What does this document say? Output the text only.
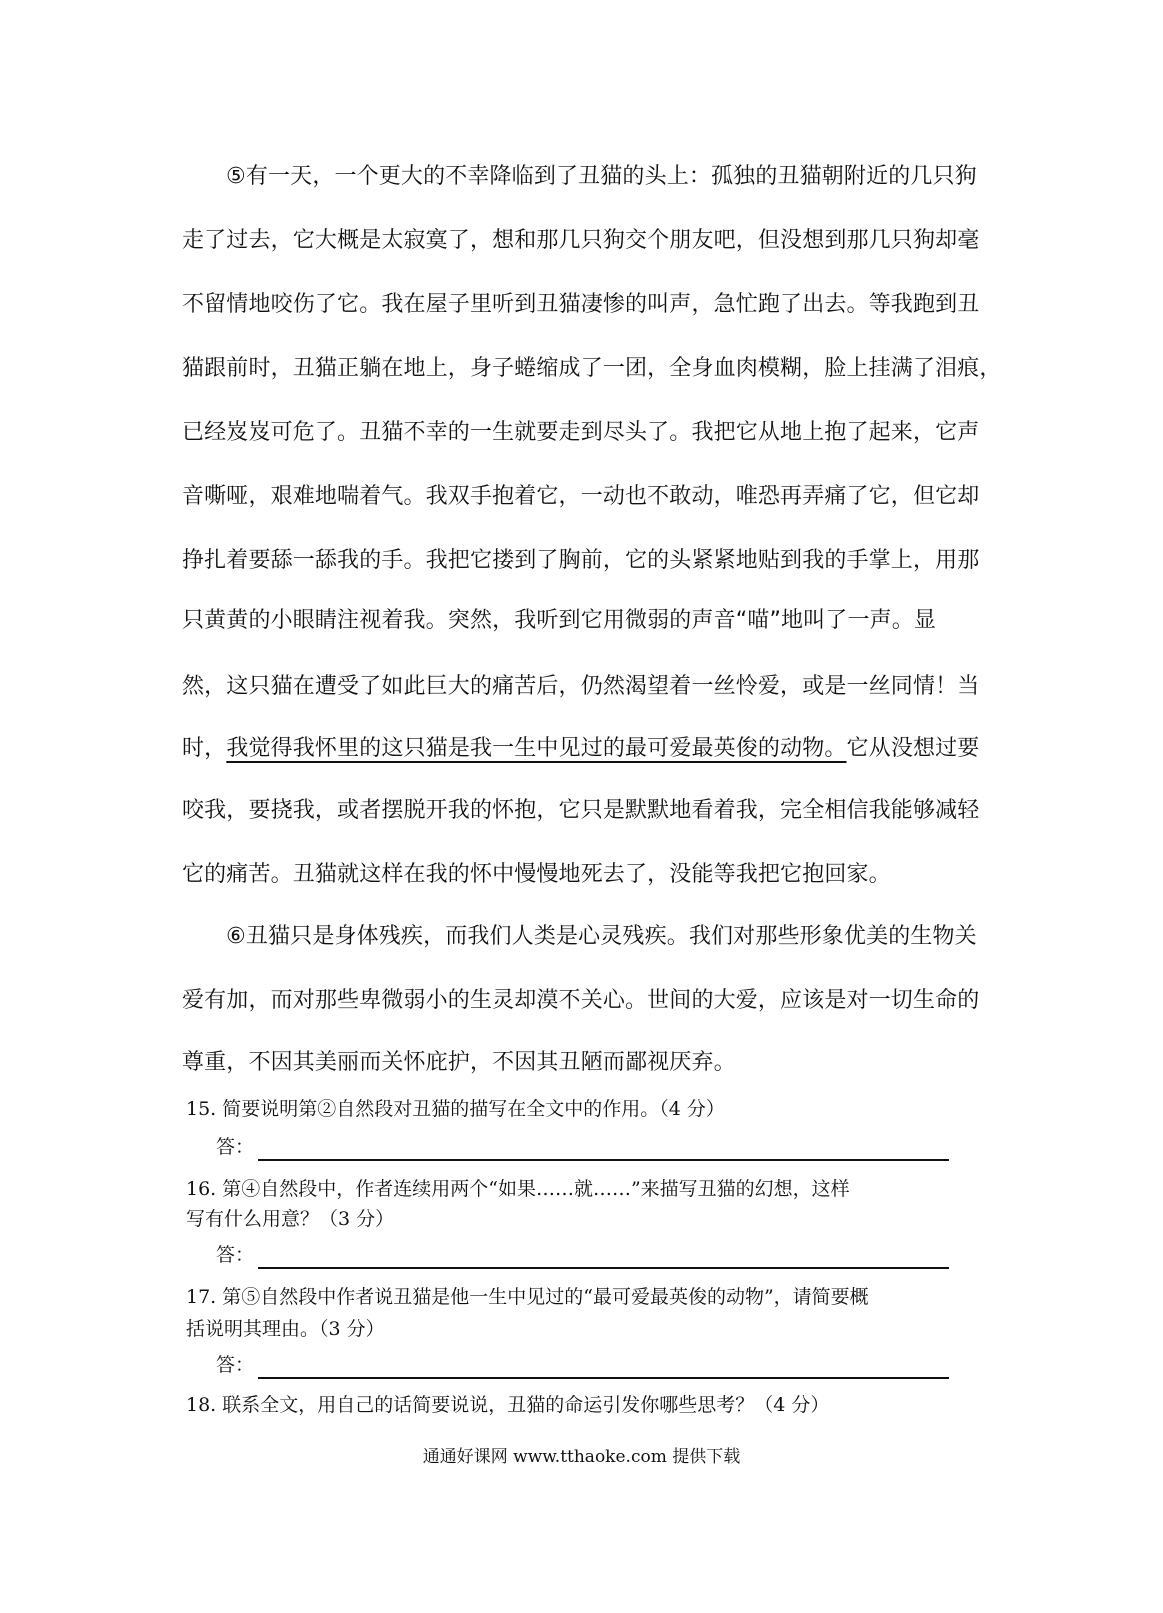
⑤有一天，一个更大的不幸降临到了丑猫的头上：孤独的丑猫朝附近的几只狗
走了过去，它大概是太寂寞了，想和那几只狗交个朋友吧，但没想到那几只狗却毫
不留情地咬伤了它。我在屋子里听到丑猫凄惨的叫声，急忙跑了出去。等我跑到丑
猫跟前时，丑猫正躺在地上，身子蜷缩成了一团，全身血肉模糊，脸上挂满了泪痕，
已经岌岌可危了。丑猫不幸的一生就要走到尽头了。我把它从地上抱了起来，它声
音嘶哑，艰难地喘着气。我双手抱着它，一动也不敢动，唯恐再弄痛了它，但它却
挣扎着要舔一舔我的手。我把它搂到了胸前，它的头紧紧地贴到我的手掌上，用那
只黄黄的小眼睛注视着我。突然，我听到它用微弱的声音“喵”地叫了一声。显
然，这只猫在遭受了如此巨大的痛苦后，仍然渴望着一丝怜爱，或是一丝同情！当
时，我觉得我怀里的这只猫是我一生中见过的最可爱最英俊的动物。它从没想过要
咬我，要挠我，或者摆脱开我的怀抱，它只是默默地看着我，完全相信我能够减轻
它的痛苦。丑猫就这样在我的怀中慢慢地死去了，没能等我把它抱回家。
⑥丑猫只是身体残疾，而我们人类是心灵残疾。我们对那些形象优美的生物关
爱有加，而对那些卑微弱小的生灵却漠不关心。世间的大爱，应该是对一切生命的
尊重，不因其美丽而关怀庇护，不因其丑陋而鄙视厌弃。
15. 简要说明第②自然段对丑猫的描写在全文中的作用。（4 分）
答：
16. 第④自然段中，作者连续用两个“如果……就……”来描写丑猫的幻想，这样
写有什么用意？（3 分）
答：
17. 第⑤自然段中作者说丑猫是他一生中见过的“最可爱最英俊的动物”，请简要概
括说明其理由。（3 分）
答：
18. 联系全文，用自己的话简要说说，丑猫的命运引发你哪些思考？（4 分）
通通好课网 www.tthaoke.com 提供下载
